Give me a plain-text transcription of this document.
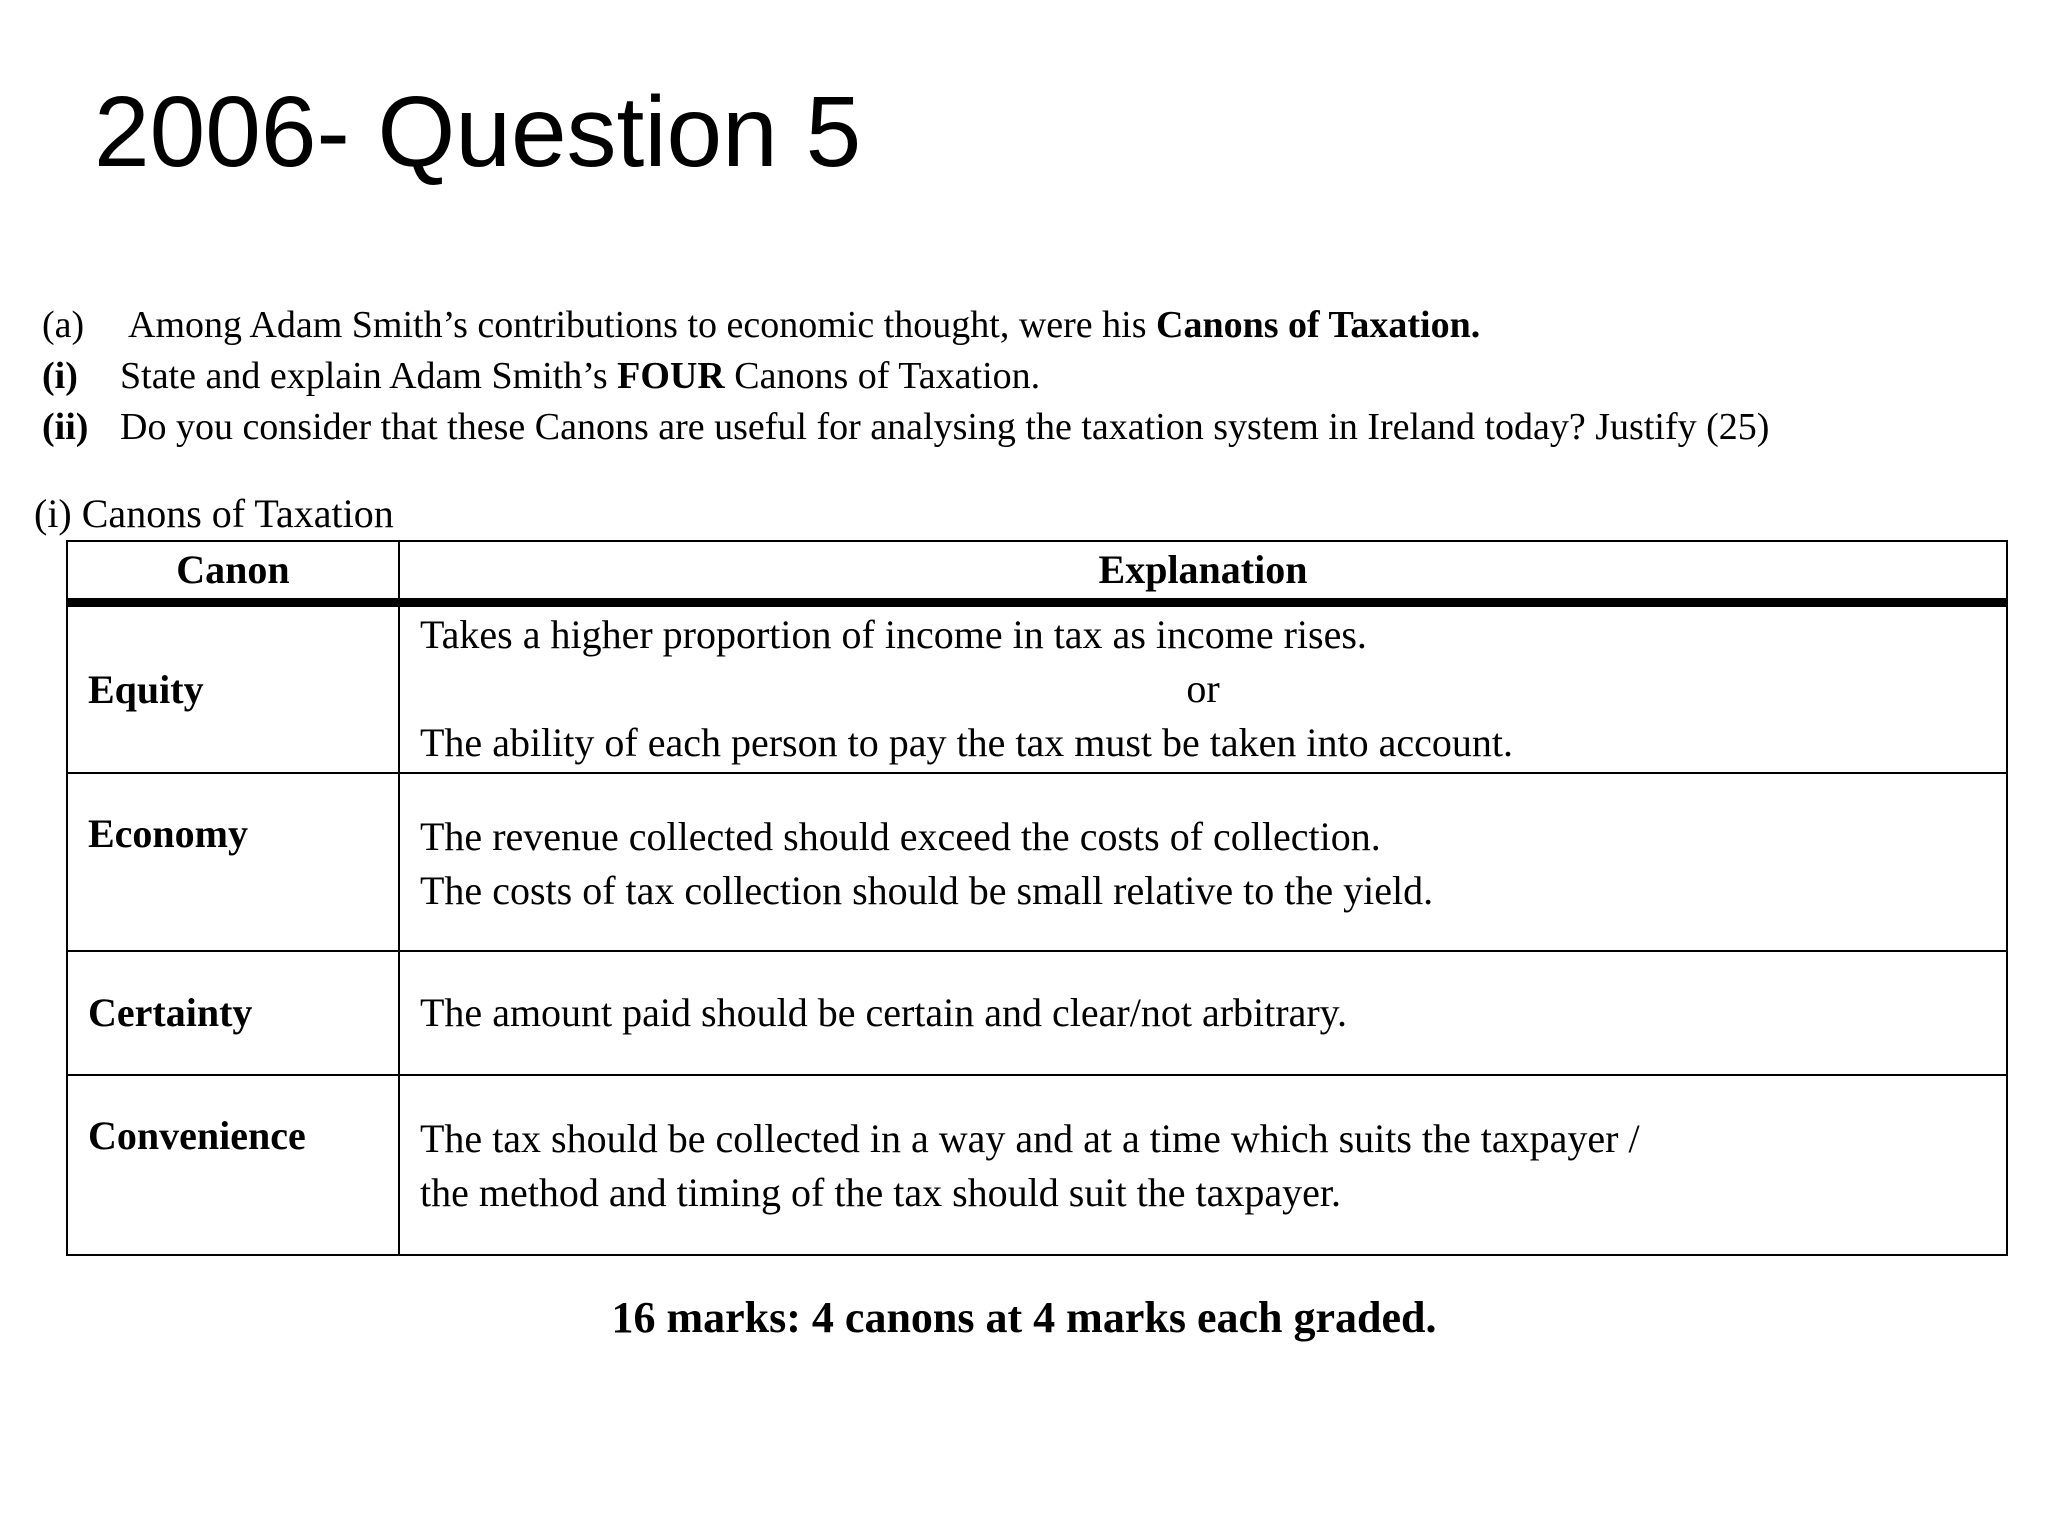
2006- Question 5
(a)	Among Adam Smith’s contributions to economic thought, were his Canons of Taxation.
(i)	State and explain Adam Smith’s FOUR Canons of Taxation.
(ii) Do you consider that these Canons are useful for analysing the taxation system in Ireland today? Justify (25)
(i) Canons of Taxation
Canon	Explanation
Equity	Takes a higher proportion of income in tax as income rises.
or
The ability of each person to pay the tax must be taken into account.

Economy	The revenue collected should exceed the costs of collection.
The costs of tax collection should be small relative to the yield.

Certainty	The amount paid should be certain and clear/not arbitrary.

Convenience	The tax should be collected in a way and at a time which suits the taxpayer /
the method and timing of the tax should suit the taxpayer.
16 marks: 4 canons at 4 marks each graded.
